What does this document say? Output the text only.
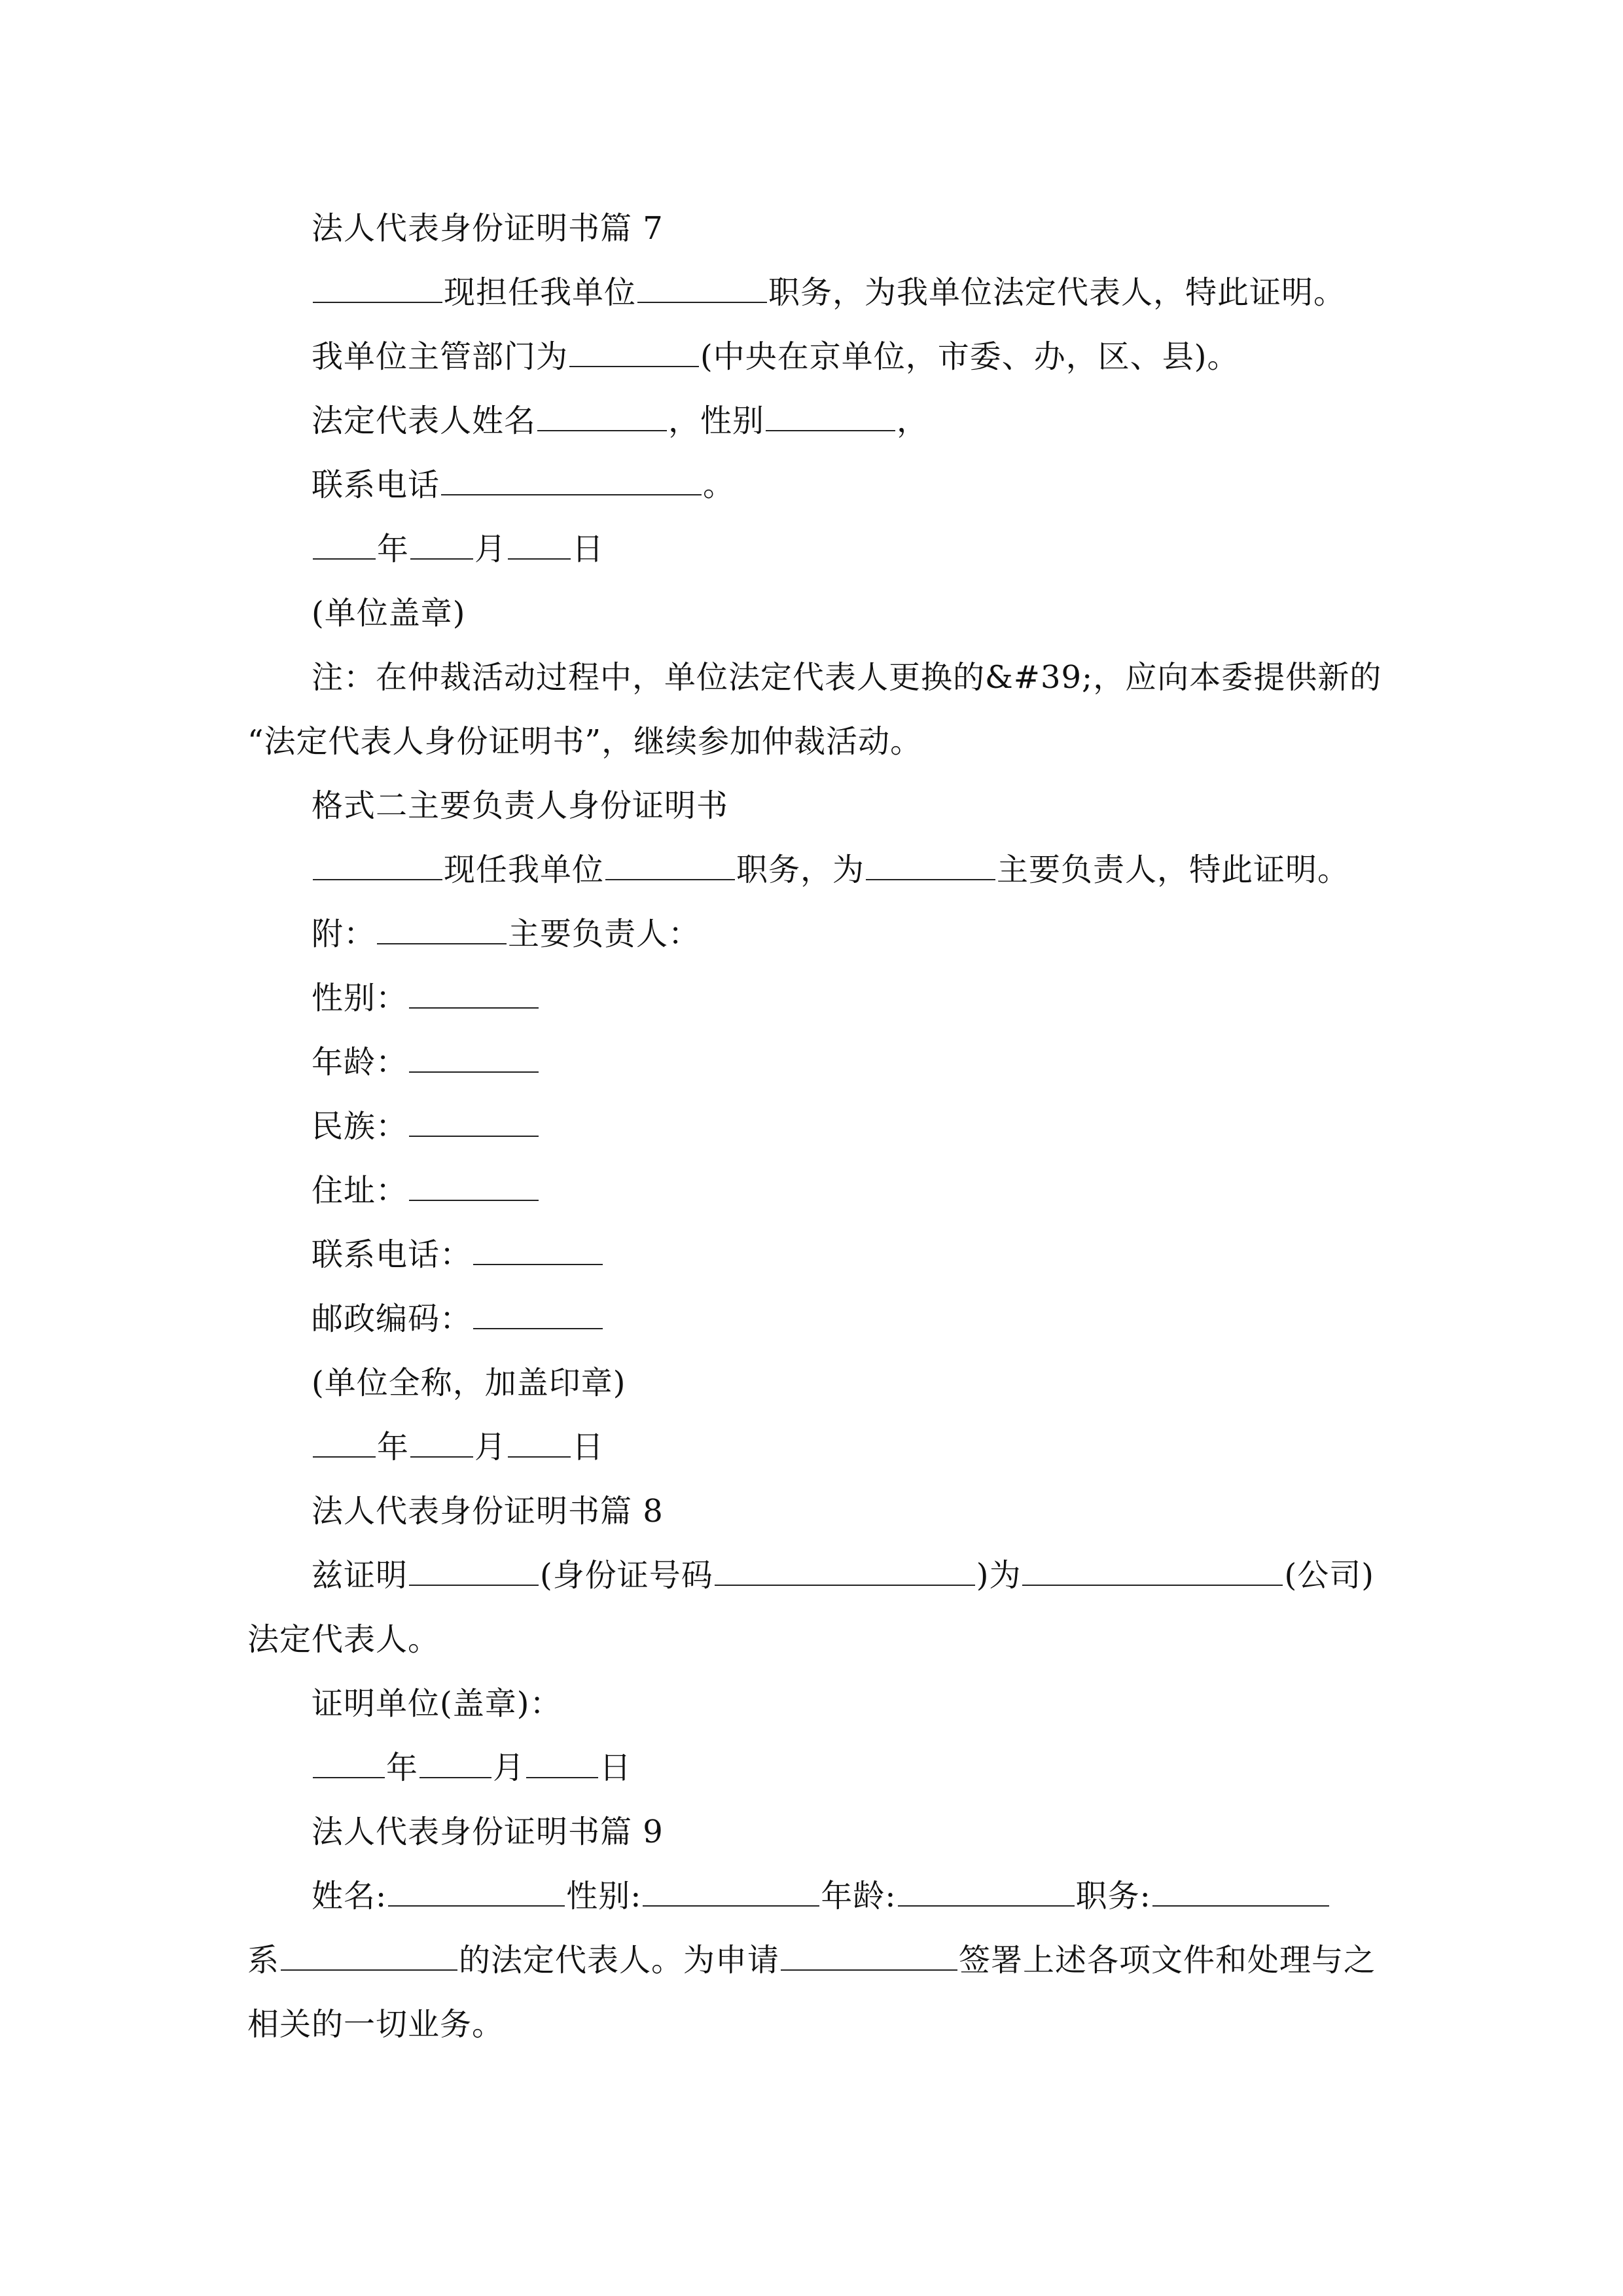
法人代表身份证明书篇 7

现担任我单位	职务，为我单位法定代表人，特此证明。

我单位主管部门为	(中央在京单位，市委、办，区、县)。

法定代表人姓名	，性别	，

联系电话	。

年 月 日

(单位盖章)

注：在仲裁活动过程中，单位法定代表人更换的&#39;，应向本委提供新的

“法定代表人身份证明书”，继续参加仲裁活动。

格式二主要负责人身份证明书

现任我单位	职务，为	主要负责人，特此证明。

附：	主要负责人：

性别：

年龄：

民族：

住址：

联系电话：

邮政编码：

(单位全称，加盖印章)

年 月 日

法人代表身份证明书篇 8

兹证明	(身份证号码	)为	(公司)

法定代表人。

证明单位(盖章)：

年 月 日

法人代表身份证明书篇 9

姓名:	性别:	年龄:	职务:

系	的法定代表人。为申请	签署上述各项文件和处理与之

相关的一切业务。
